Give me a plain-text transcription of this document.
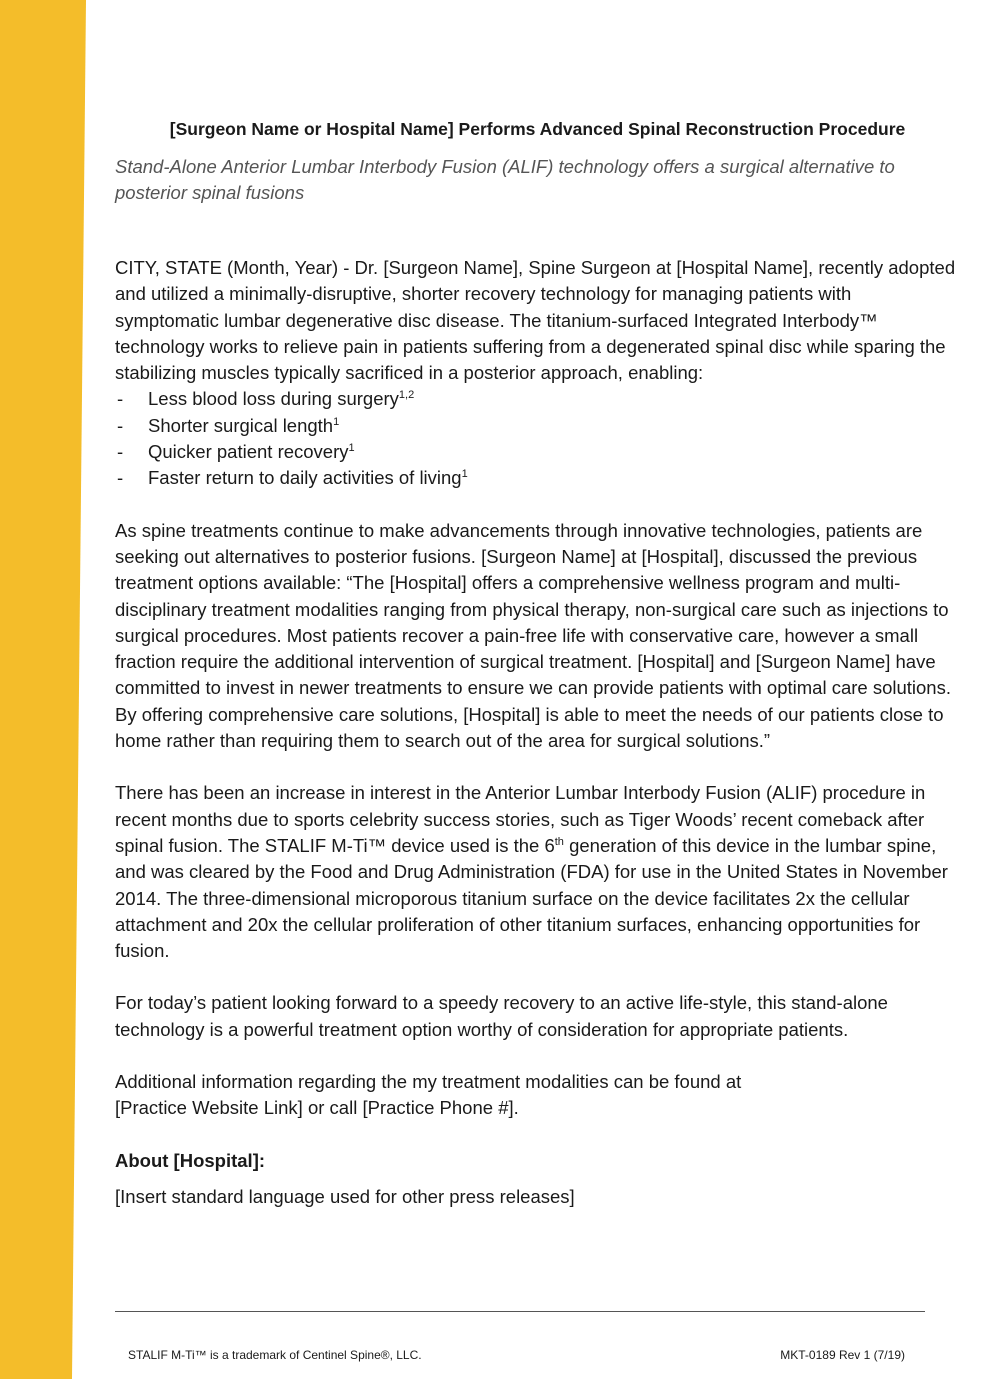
[Surgeon Name or Hospital Name] Performs Advanced Spinal Reconstruction Procedure

Stand-Alone Anterior Lumbar Interbody Fusion (ALIF) technology offers a surgical alternative to posterior spinal fusions

CITY, STATE (Month, Year) - Dr. [Surgeon Name], Spine Surgeon at [Hospital Name], recently adopted and utilized a minimally-disruptive, shorter recovery technology for managing patients with symptomatic lumbar degenerative disc disease. The titanium-surfaced Integrated Interbody™ technology works to relieve pain in patients suffering from a degenerated spinal disc while sparing the stabilizing muscles typically sacrificed in a posterior approach, enabling:

- Less blood loss during surgery$^{1,2}$
- Shorter surgical length$^1$
- Quicker patient recovery$^1$
- Faster return to daily activities of living$^1$

As spine treatments continue to make advancements through innovative technologies, patients are seeking out alternatives to posterior fusions. [Surgeon Name] at [Hospital], discussed the previous treatment options available: “The [Hospital] offers a comprehensive wellness program and multi-disciplinary treatment modalities ranging from physical therapy, non-surgical care such as injections to surgical procedures. Most patients recover a pain-free life with conservative care, however a small fraction require the additional intervention of surgical treatment. [Hospital] and [Surgeon Name] have committed to invest in newer treatments to ensure we can provide patients with optimal care solutions. By offering comprehensive care solutions, [Hospital] is able to meet the needs of our patients close to home rather than requiring them to search out of the area for surgical solutions.”

There has been an increase in interest in the Anterior Lumbar Interbody Fusion (ALIF) procedure in recent months due to sports celebrity success stories, such as Tiger Woods’ recent comeback after spinal fusion. The STALIF M-Ti™ device used is the 6th generation of this device in the lumbar spine, and was cleared by the Food and Drug Administration (FDA) for use in the United States in November 2014. The three-dimensional microporous titanium surface on the device facilitates 2x the cellular attachment and 20x the cellular proliferation of other titanium surfaces, enhancing opportunities for fusion.

For today’s patient looking forward to a speedy recovery to an active life-style, this stand-alone technology is a powerful treatment option worthy of consideration for appropriate patients.

Additional information regarding the my treatment modalities can be found at
[Practice Website Link] or call [Practice Phone #].

About [Hospital]:

[Insert standard language used for other press releases]

STALIF M-Ti™ is a trademark of Centinel Spine®, LLC.	MKT-0189 Rev 1 (7/19)
